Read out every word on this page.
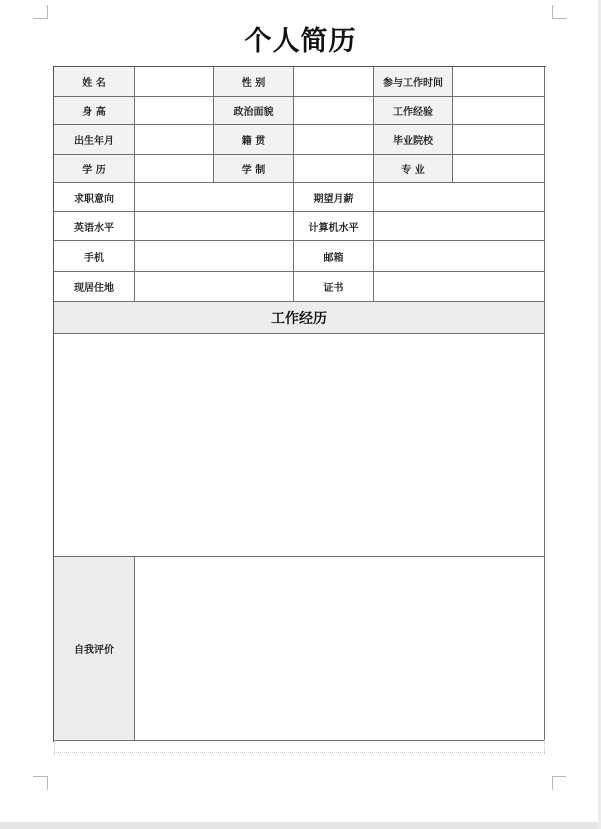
个人简历
姓 名	性 别	参与工作时间
身 高	政治面貌	工作经验
出生年月	籍 贯	毕业院校
学 历	学 制	专 业
求职意向	期望月薪
英语水平	计算机水平
手机	邮箱
现居住地	证书
工作经历
自我评价
